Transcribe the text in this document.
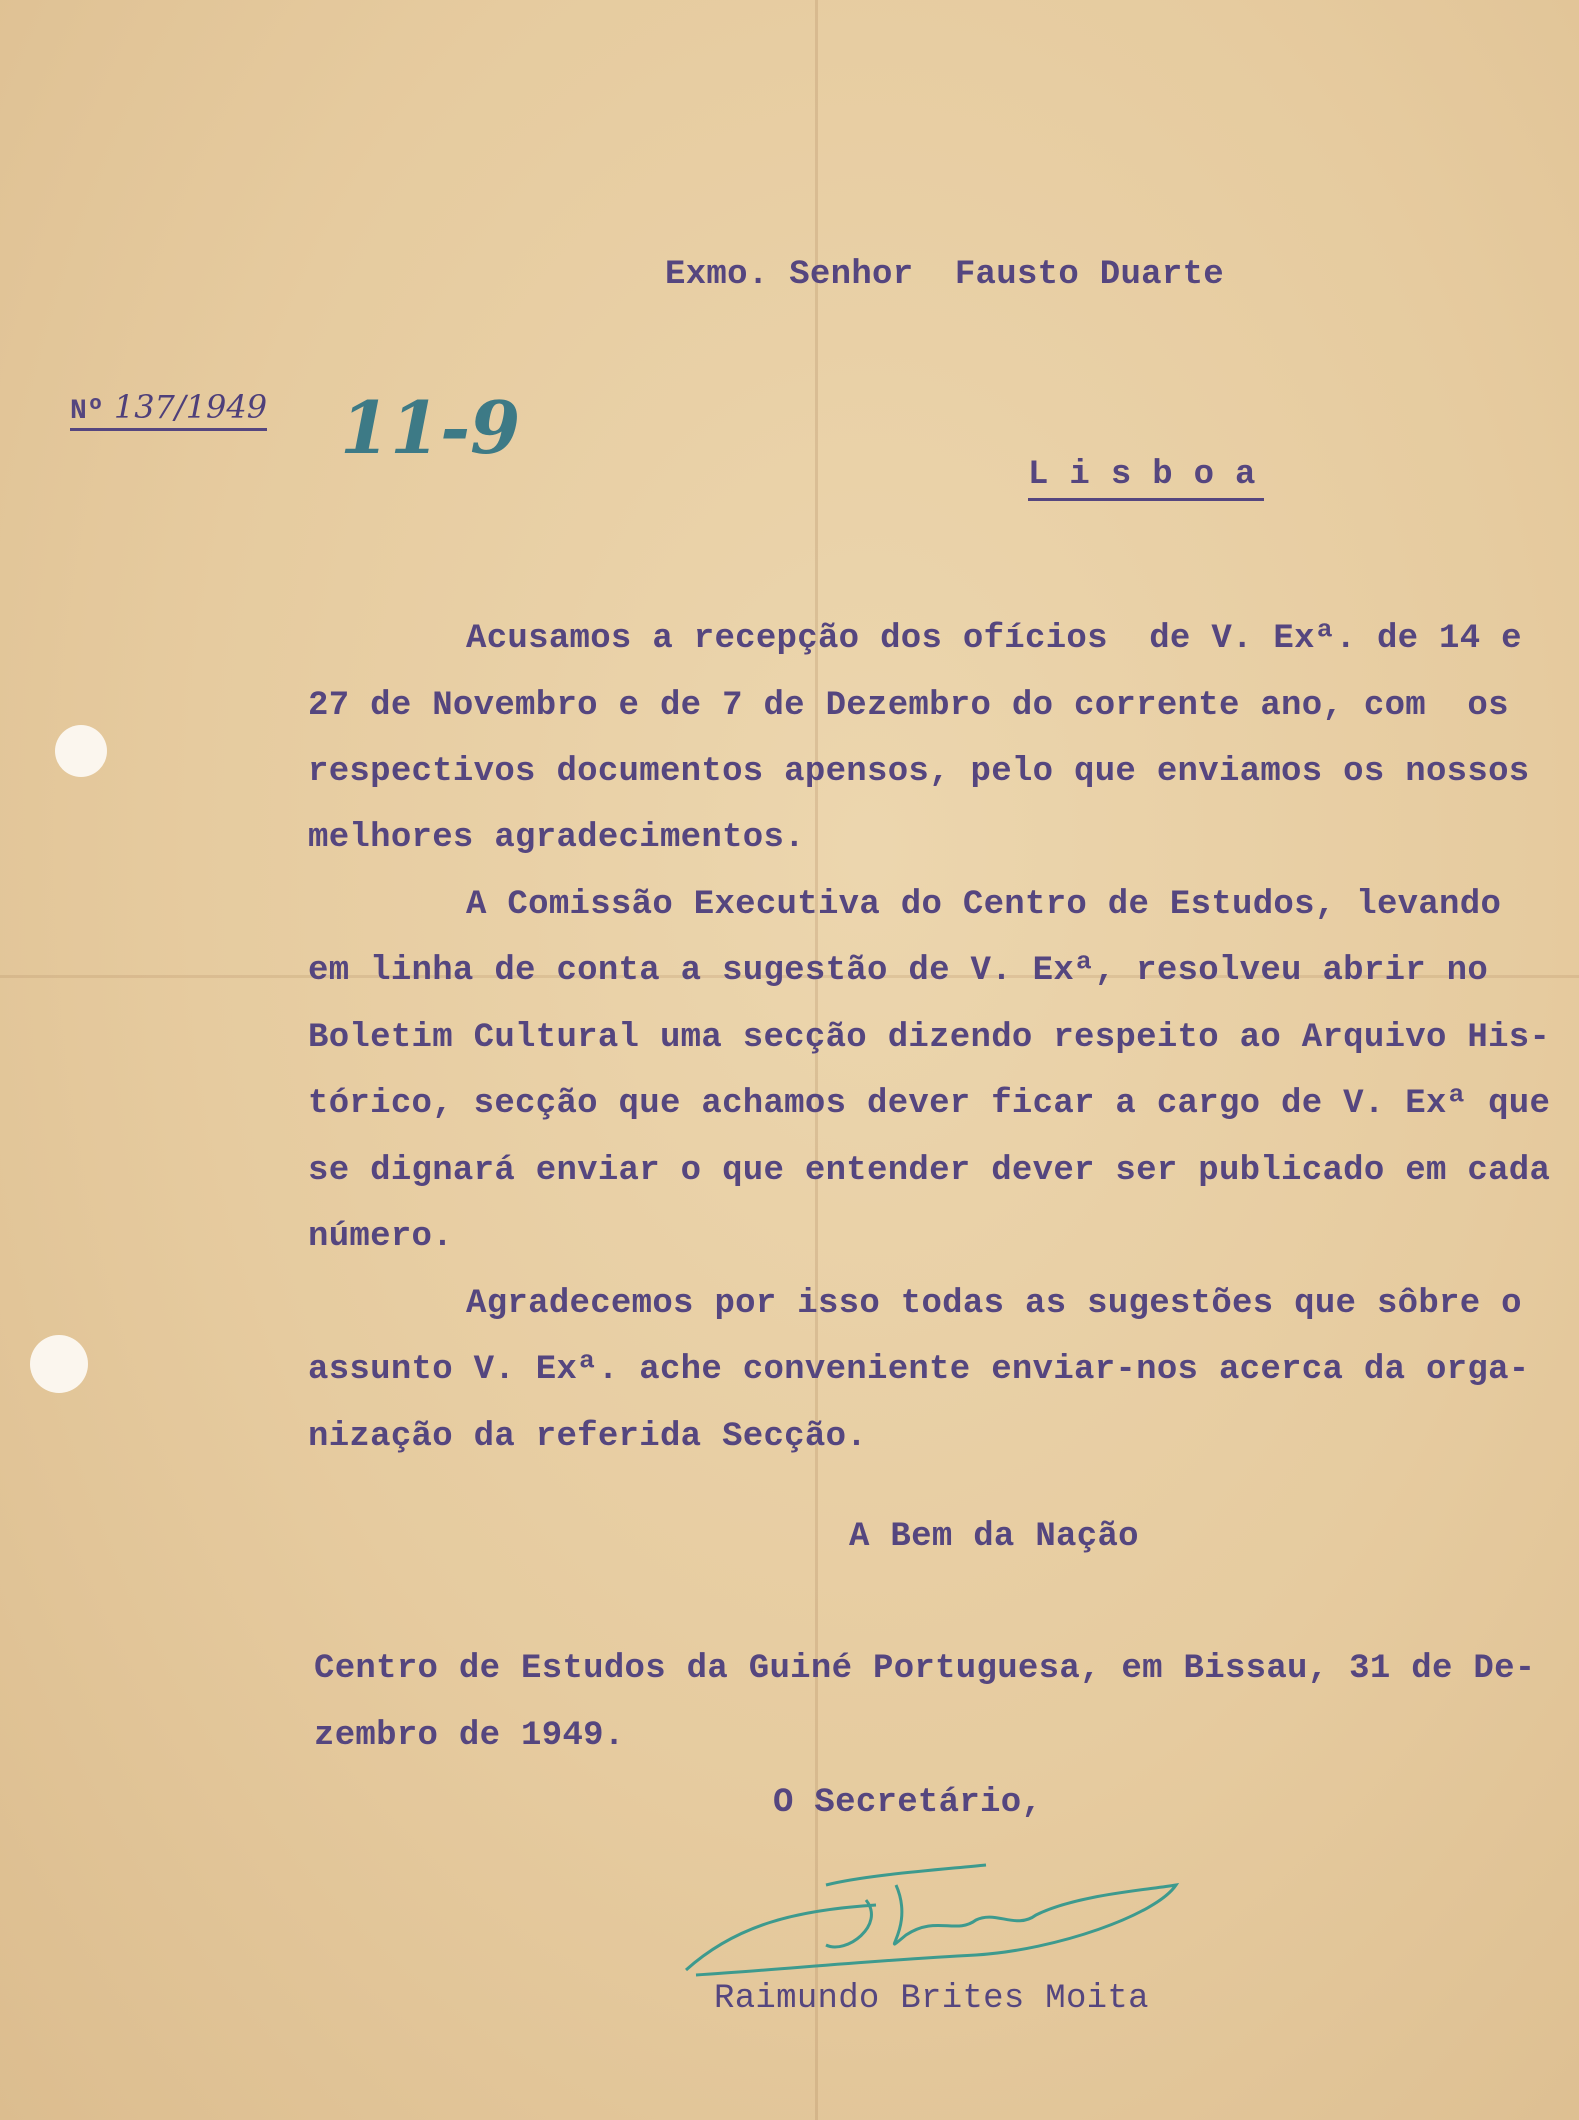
Exmo. Senhor  Fausto Duarte
Nº 137/1949 11-9
L i s b o a
Acusamos a recepção dos ofícios  de V. Exª. de 14 e
27 de Novembro e de 7 de Dezembro do corrente ano, com  os
respectivos documentos apensos, pelo que enviamos os nossos
melhores agradecimentos.
A Comissão Executiva do Centro de Estudos, levando
em linha de conta a sugestão de V. Exª, resolveu abrir no
Boletim Cultural uma secção dizendo respeito ao Arquivo His-
tórico, secção que achamos dever ficar a cargo de V. Exª que
se dignará enviar o que entender dever ser publicado em cada
número.
Agradecemos por isso todas as sugestões que sôbre o
assunto V. Exª. ache conveniente enviar-nos acerca da orga-
nização da referida Secção.
A Bem da Nação
Centro de Estudos da Guiné Portuguesa, em Bissau, 31 de De-
zembro de 1949.
O Secretário,
Raimundo Brites Moita
